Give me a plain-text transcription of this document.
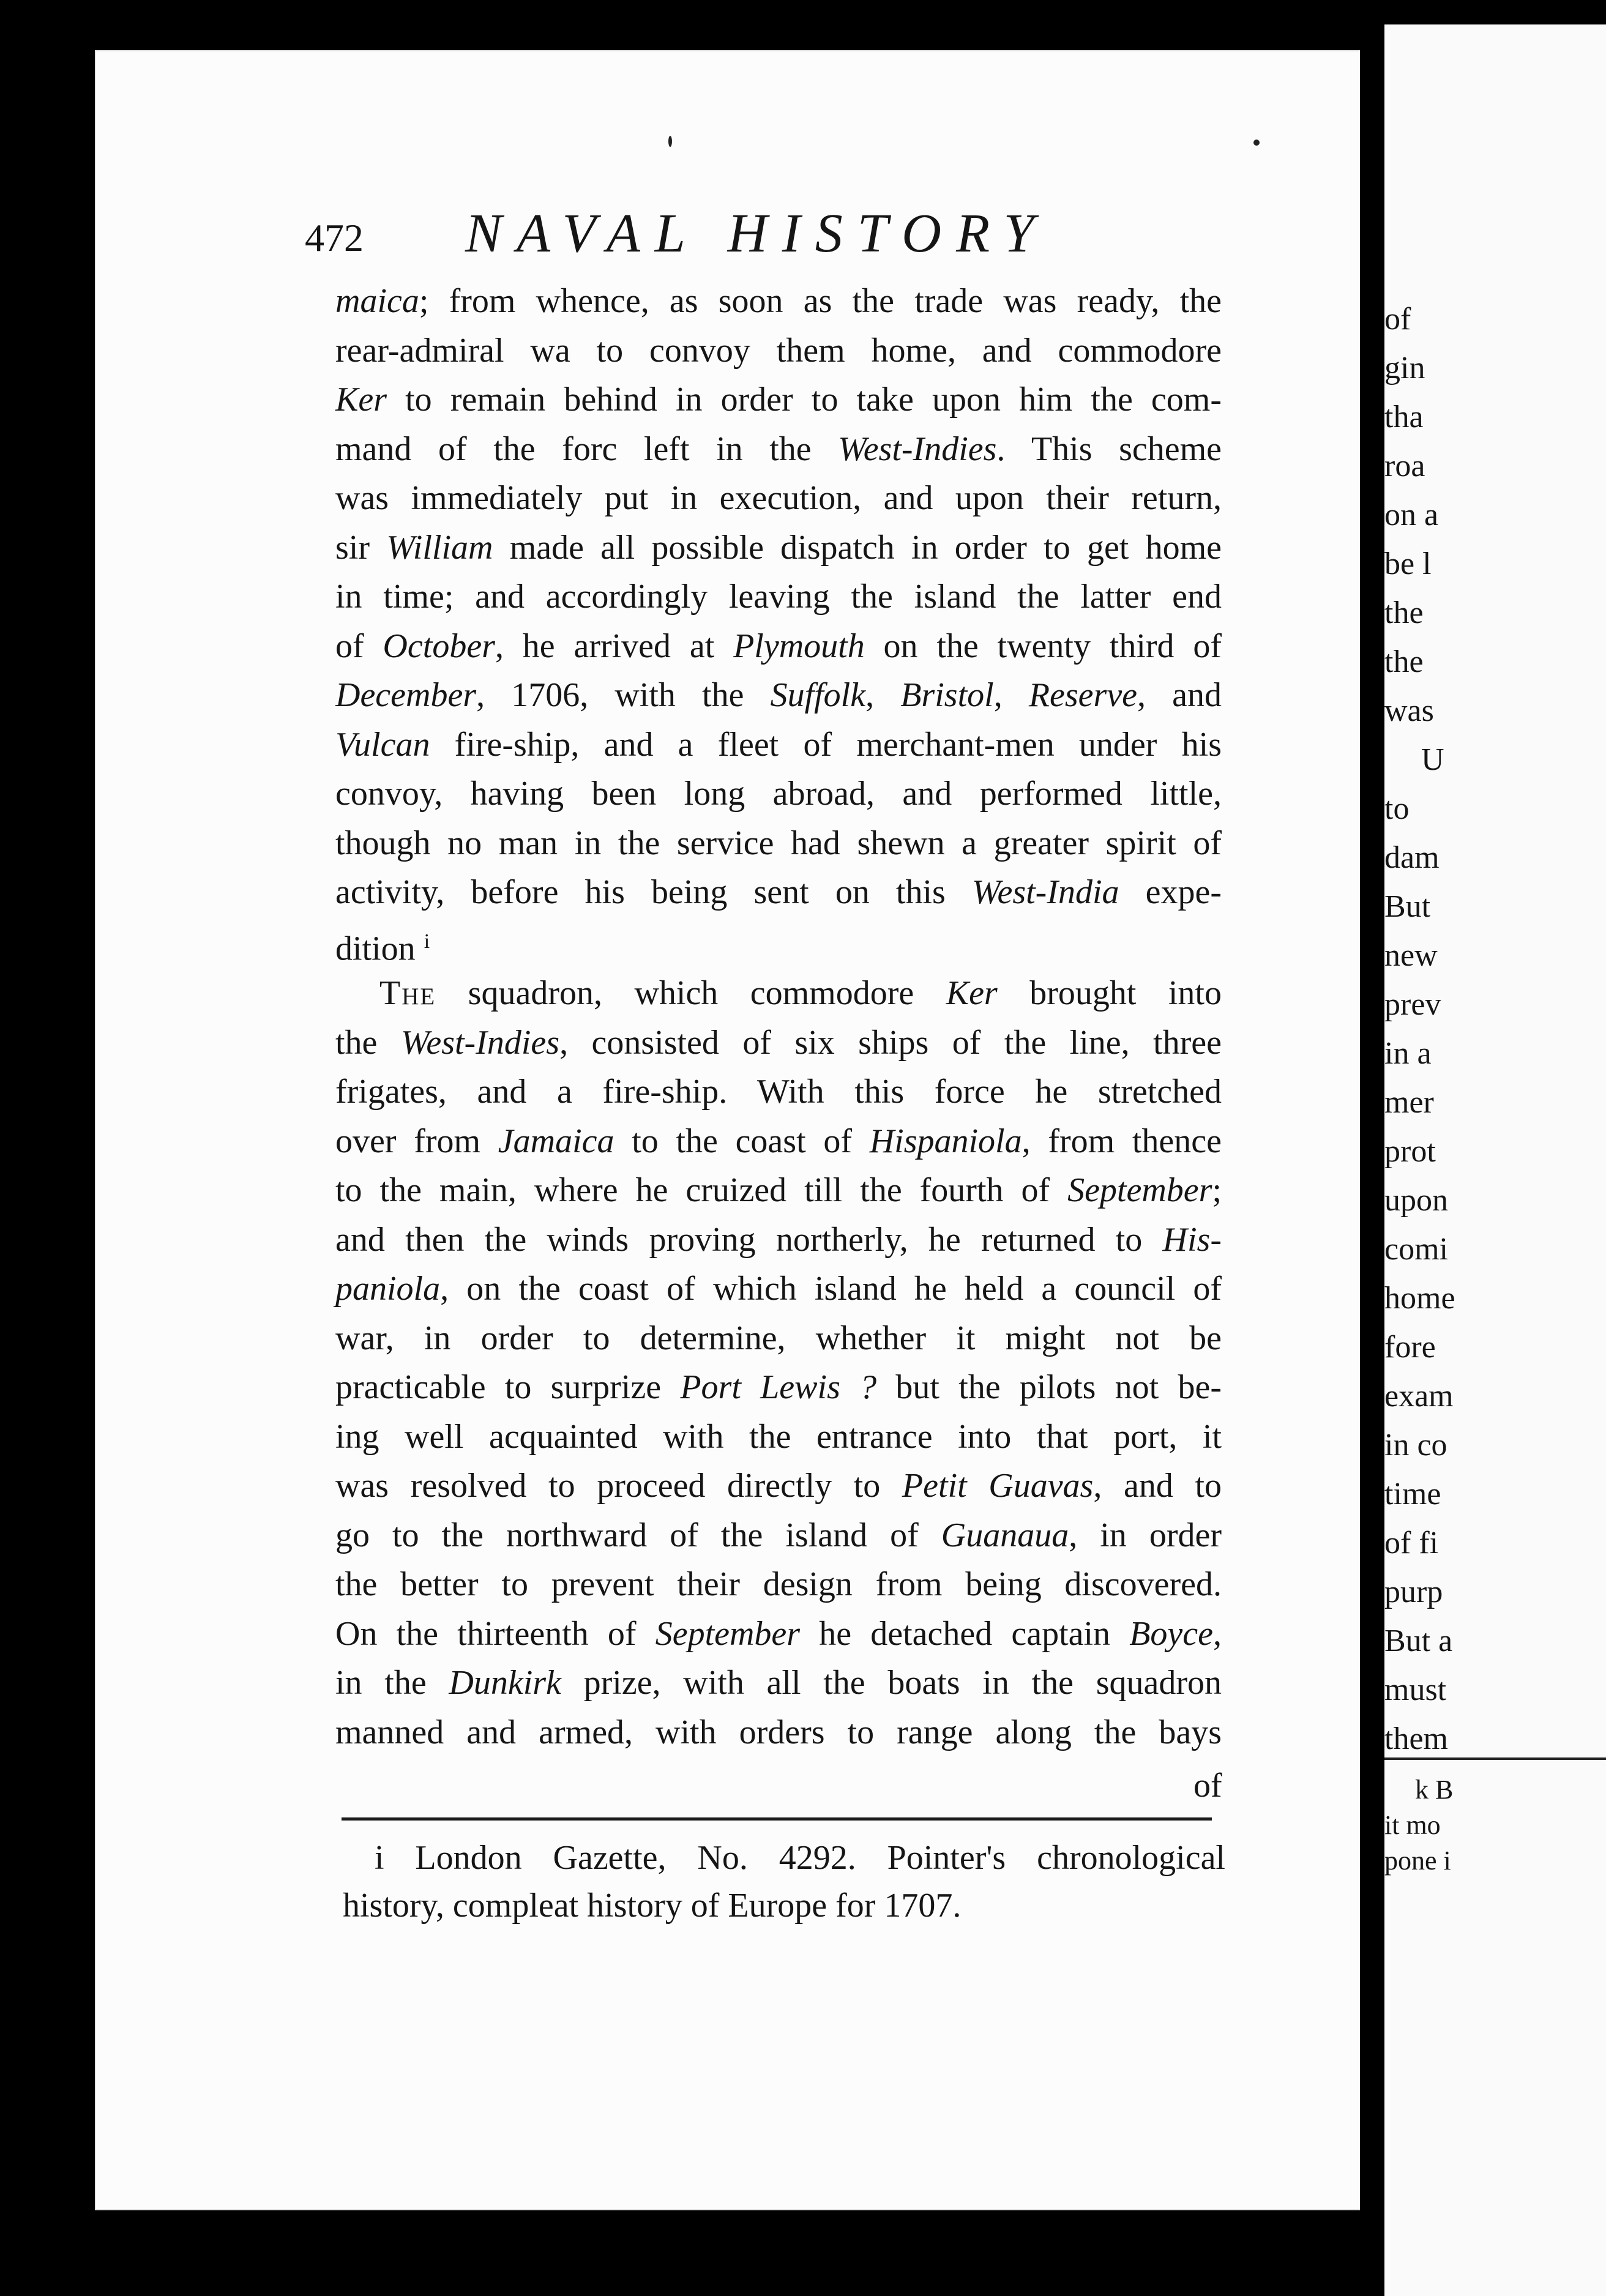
of
gin
tha
roa
on a
be l
the
the
was
U
to
dam
But
new
prev
in a
mer
prot
upon
comi
home
fore
exam
in co
time
of fi
purp
But a
must
them
k B
it mo
pone i
472	NAVAL HISTORY
maica; from whence, as soon as the trade was ready, the
rear-admiral wa to convoy them home, and commodore
Ker to remain behind in order to take upon him the com-
mand of the forc left in the West-Indies. This scheme
was immediately put in execution, and upon their return,
sir William made all possible dispatch in order to get home
in time; and accordingly leaving the island the latter end
of October, he arrived at Plymouth on the twenty third of
December, 1706, with the Suffolk, Bristol, Reserve, and
Vulcan fire-ship, and a fleet of merchant-men under his
convoy, having been long abroad, and performed little,
though no man in the service had shewn a greater spirit of
activity, before his being sent on this West-India expe-
dition $^i$
The squadron, which commodore Ker brought into
the West-Indies, consisted of six ships of the line, three
frigates, and a fire-ship. With this force he stretched
over from Jamaica to the coast of Hispaniola, from thence
to the main, where he cruized till the fourth of September;
and then the winds proving northerly, he returned to His-
paniola, on the coast of which island he held a council of
war, in order to determine, whether it might not be
practicable to surprize Port Lewis ? but the pilots not be-
ing well acquainted with the entrance into that port, it
was resolved to proceed directly to Petit Guavas, and to
go to the northward of the island of Guanaua, in order
the better to prevent their design from being discovered.
On the thirteenth of September he detached captain Boyce,
in the Dunkirk prize, with all the boats in the squadron
manned and armed, with orders to range along the bays
of
i London Gazette, No. 4292. Pointer's chronological
history, compleat history of Europe for 1707.
